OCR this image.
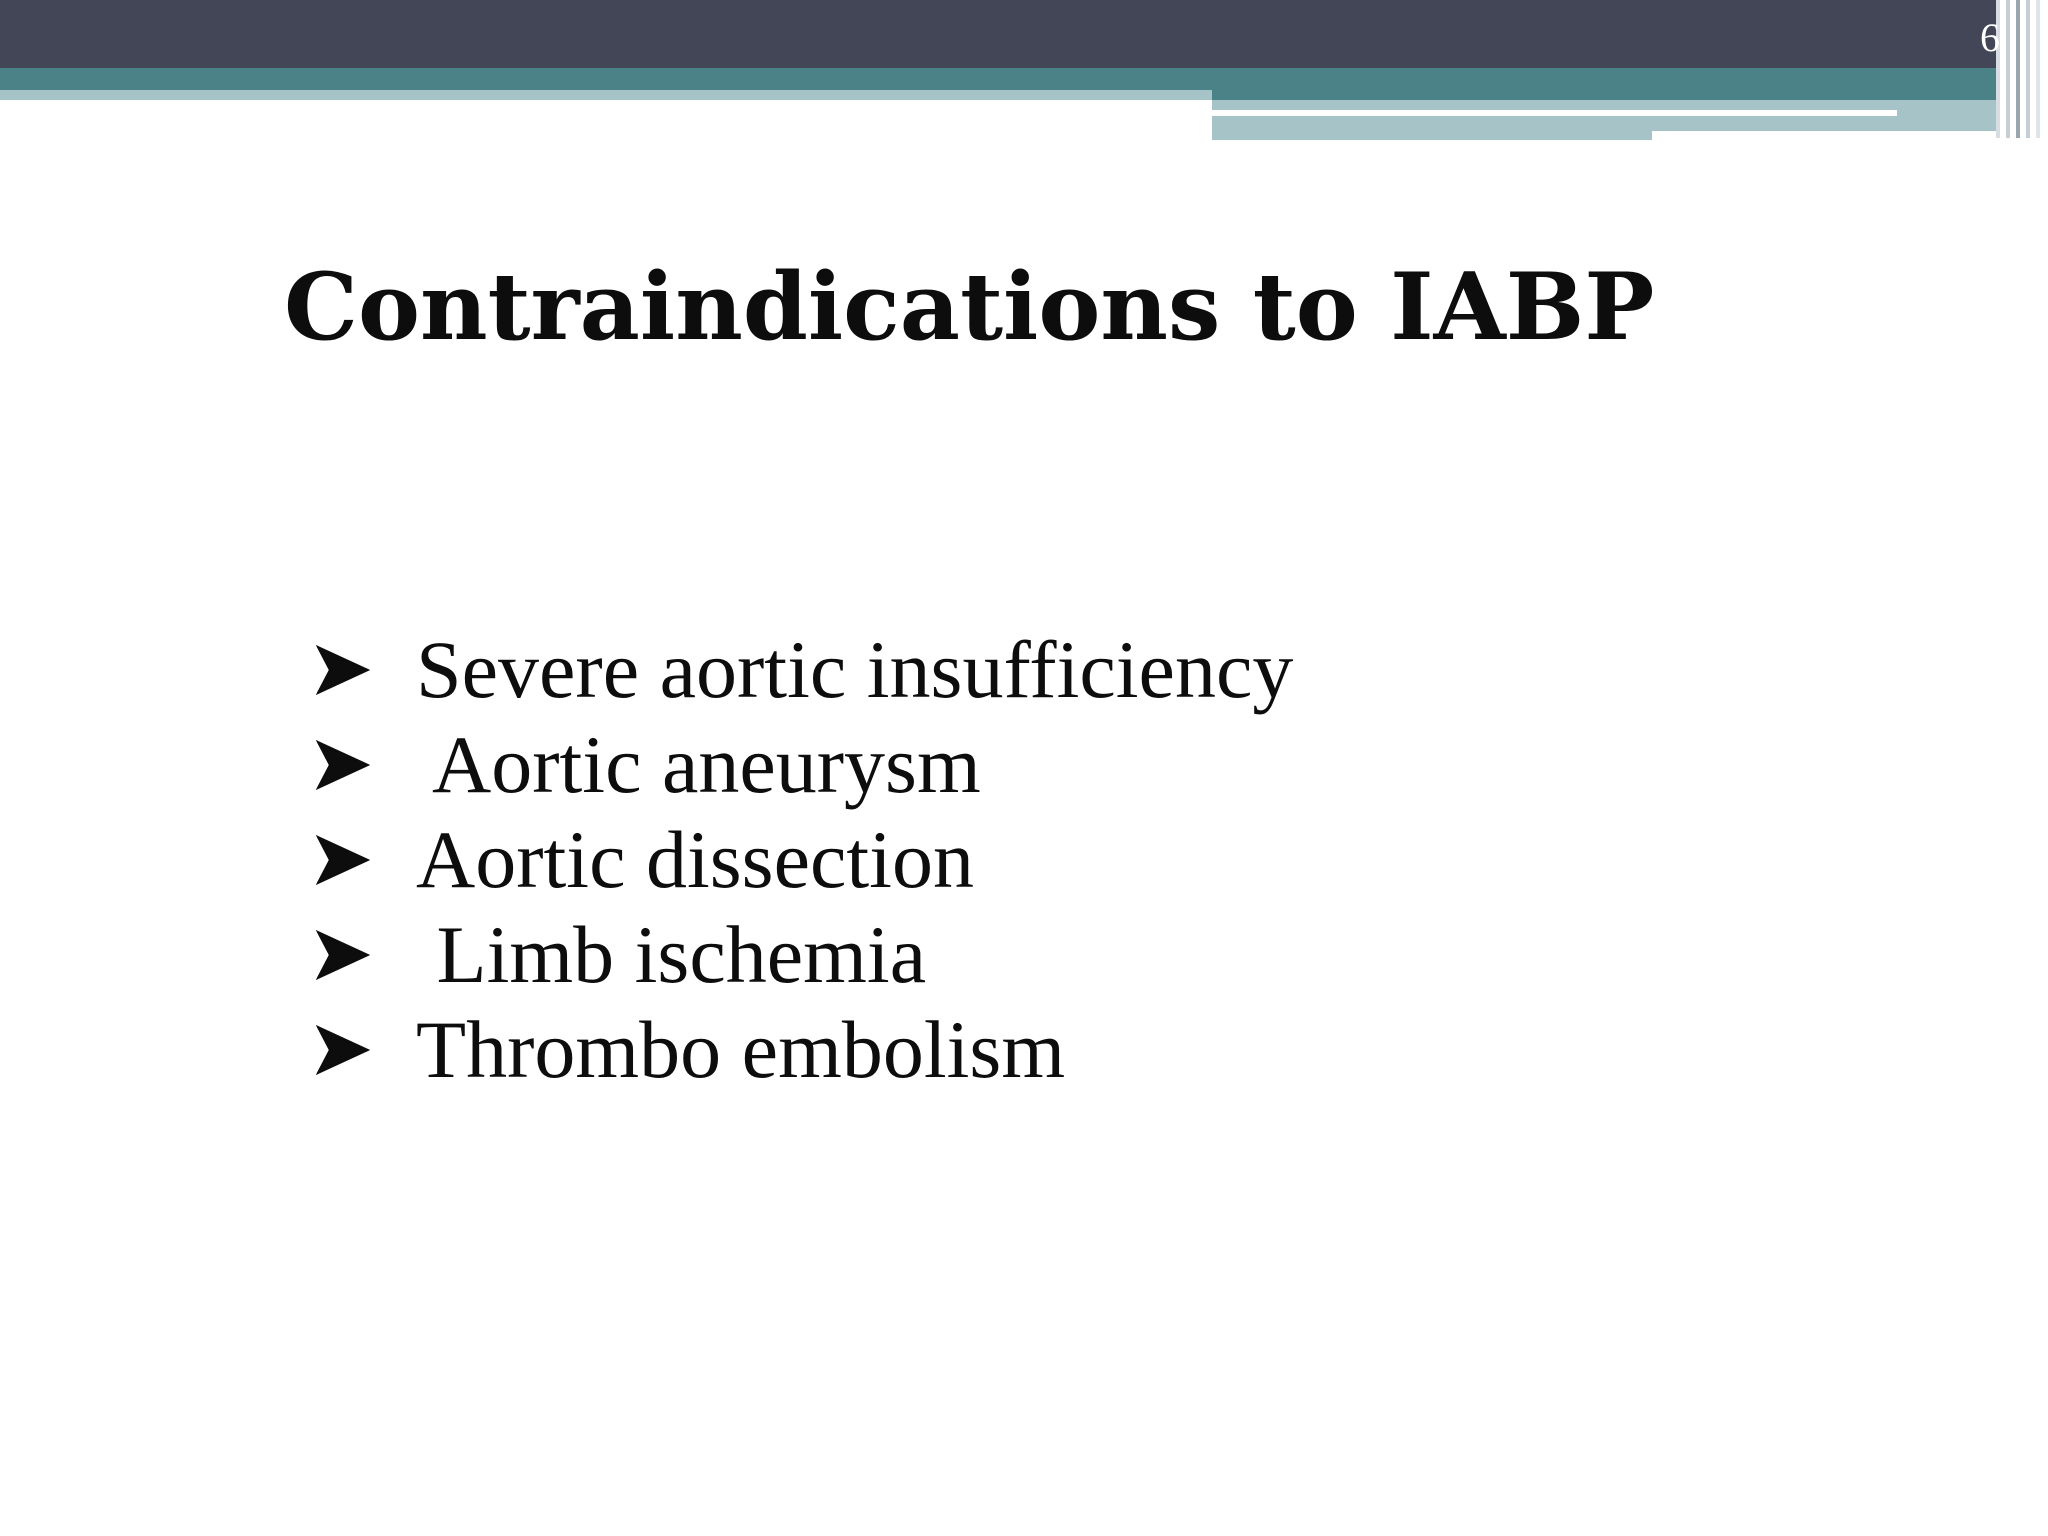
6
Contraindications to IABP
Severe aortic insufficiency
Aortic aneurysm
Aortic dissection
Limb ischemia
Thrombo embolism
